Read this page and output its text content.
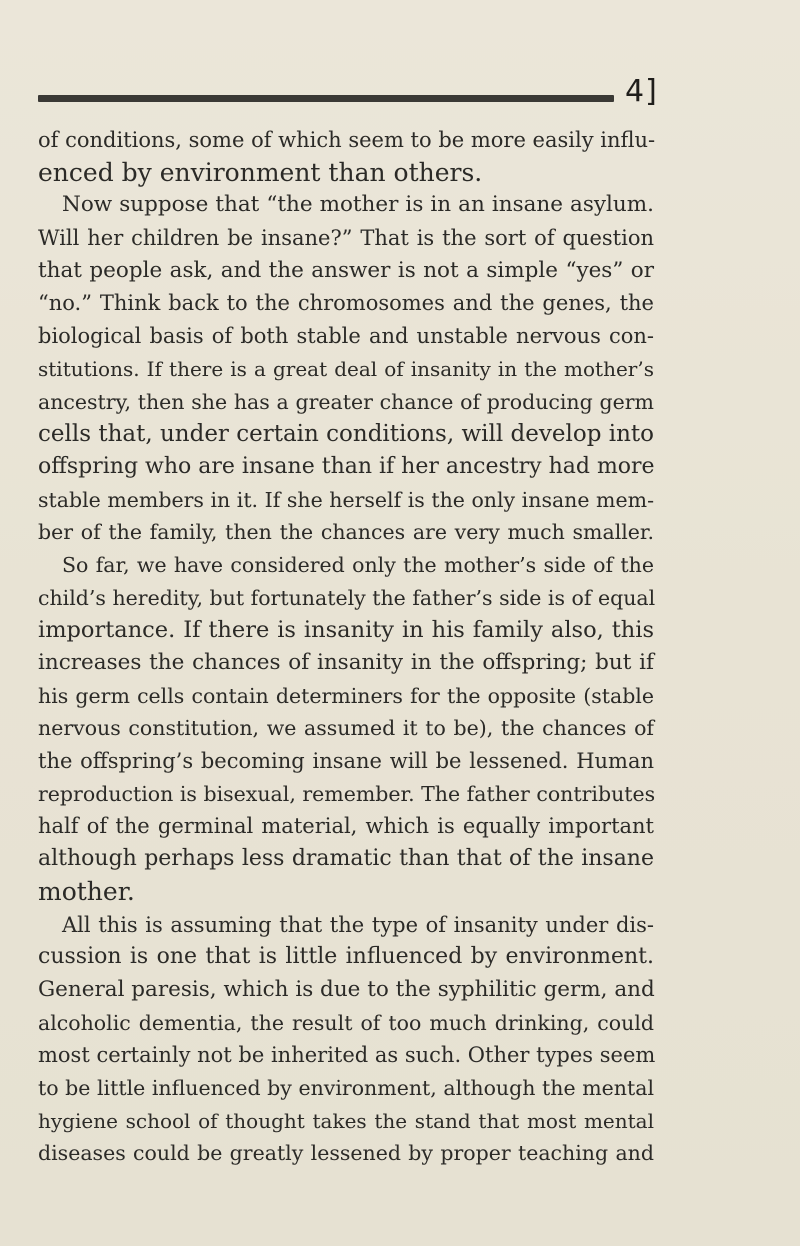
4]
of conditions, some of which seem to be more easily influ-
enced by environment than others.
Now suppose that “the mother is in an insane asylum.
Will her children be insane?” That is the sort of question
that people ask, and the answer is not a simple “yes” or
“no.” Think back to the chromosomes and the genes, the
biological basis of both stable and unstable nervous con-
stitutions. If there is a great deal of insanity in the mother’s
ancestry, then she has a greater chance of producing germ
cells that, under certain conditions, will develop into
offspring who are insane than if her ancestry had more
stable members in it. If she herself is the only insane mem-
ber of the family, then the chances are very much smaller.
So far, we have considered only the mother’s side of the
child’s heredity, but fortunately the father’s side is of equal
importance. If there is insanity in his family also, this
increases the chances of insanity in the offspring; but if
his germ cells contain determiners for the opposite (stable
nervous constitution, we assumed it to be), the chances of
the offspring’s becoming insane will be lessened. Human
reproduction is bisexual, remember. The father contributes
half of the germinal material, which is equally important
although perhaps less dramatic than that of the insane
mother.
All this is assuming that the type of insanity under dis-
cussion is one that is little influenced by environment.
General paresis, which is due to the syphilitic germ, and
alcoholic dementia, the result of too much drinking, could
most certainly not be inherited as such. Other types seem
to be little influenced by environment, although the mental
hygiene school of thought takes the stand that most mental
diseases could be greatly lessened by proper teaching and
